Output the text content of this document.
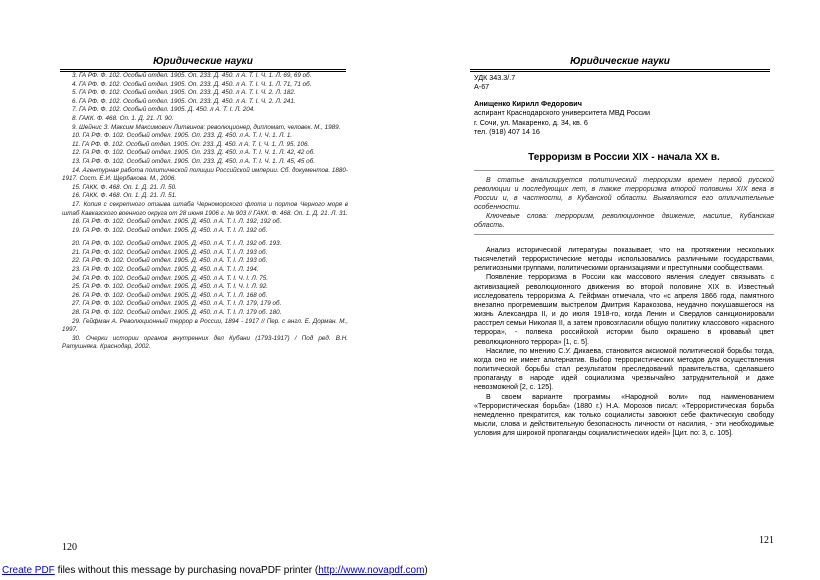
Юридические науки

3. ГА РФ. Ф. 102. Особый отдел. 1905. Оп. 233. Д. 450. л А. Т. I. Ч. 1. Л. 69, 69 об.

4. ГА РФ. Ф. 102. Особый отдел. 1905. Оп. 233. Д. 450. л А. Т. I. Ч. 1. Л. 71, 71 об.

5. ГА РФ. Ф. 102. Особый отдел. 1905. Оп. 233. Д. 450. л А. Т. I. Ч. 2. Л. 182.

6. ГА РФ. Ф. 102. Особый отдел. 1905. Оп. 233. Д. 450. л А. Т. I. Ч. 2. Л. 241.

7. ГА РФ. Ф. 102. Особый отдел. 1905. Д. 450. л А. Т. I. Л. 204.

8. ГАКК. Ф. 468. Оп. 1. Д. 21. Л. 90.

9. Шейнис З. Максим Максимович Литвинов: революционер, дипломат, человек. М., 1989.

10. ГА РФ. Ф. 102. Особый отдел. 1905. Оп. 233. Д. 450. л А. Т. I. Ч. 1. Л. 1.

11. ГА РФ. Ф. 102. Особый отдел. 1905. Оп. 233. Д. 450. л А. Т. I. Ч. 1. Л. 95, 106.

12. ГА РФ. Ф. 102. Особый отдел. 1905. Оп. 233. Д. 450. л А. Т. I. Ч. 1. Л. 42, 42 об.

13. ГА РФ. Ф. 102. Особый отдел. 1905. Оп. 233. Д. 450. л А. Т. I. Ч. 1. Л. 45, 45 об.

14. Агентурная работа политической полиции Российской империи. Сб. документов. 1880-1917. Сост. Е.И. Щербакова. М., 2006.

15. ГАКК. Ф. 468. Оп. 1. Д. 21. Л. 50.

16. ГАКК. Ф. 468. Оп. 1. Д. 21. Л. 51.

17. Копия с секретного отзыва штаба Черноморского флота и портов Черного моря в штаб Кавказского военного округа от 28 июня 1906 г. № 903 // ГАКК. Ф. 468. Оп. 1. Д. 21. Л. 31.

18. ГА РФ. Ф. 102. Особый отдел. 1905. Д. 450. л А. Т. I. Л. 192, 192 об.

19. ГА РФ. Ф. 102. Особый отдел. 1905. Д. 450. л А. Т. I. Л. 192 об.

20. ГА РФ. Ф. 102. Особый отдел. 1905. Д. 450. л А. Т. I. Л. 192 об. 193.

21. ГА РФ. Ф. 102. Особый отдел. 1905. Д. 450. л А. Т. I. Л. 193 об.

22. ГА РФ. Ф. 102. Особый отдел. 1905. Д. 450. л А. Т. I. Л. 193 об.

23. ГА РФ. Ф. 102. Особый отдел. 1905. Д. 450. л А. Т. I. Л. 194.

24. ГА РФ. Ф. 102. Особый отдел. 1905. Д. 450. л А. Т. I. Ч. I. Л. 75.

25. ГА РФ. Ф. 102. Особый отдел. 1905. Д. 450. л А. Т. I. Ч. I. Л. 92.

26. ГА РФ. Ф. 102. Особый отдел. 1905. Д. 450. л А. Т. I. Л. 168 об.

27. ГА РФ. Ф. 102. Особый отдел. 1905. Д. 450. л А. Т. I. Л. 179, 179 об.

28. ГА РФ. Ф. 102. Особый отдел. 1905. Д. 450. л А. Т. I. Л. 179 об. 180.

29. Гейфман А. Революционный террор в России, 1894 - 1917 // Пер. с англ. Е. Дорман. М., 1997.

30. Очерки истории органов внутренних дел Кубани (1793-1917) / Под ред. В.Н. Ратушняка. Краснодар, 2002.

120
Юридические науки
УДК 343.3/.7
А-67
Анищенко Кирилл Федорович
аспирант Краснодарского университета МВД России
г. Сочи, ул. Макаренко, д. 34, кв. 6
тел. (918) 407 14 16
Терроризм в России XIX - начала XX в.

В статье анализируется политический терроризм времен первой русской революции и последующих лет, в также терроризма второй половины XIX века в России и, в частности, в Кубанской области. Выявляются его отличительные особенности.

Ключевые слова: терроризм, революционное движение, насилие, Кубанская область.

Анализ исторической литературы показывает, что на протяжении нескольких тысячелетий террористические методы использовались различными государствами, религиозными группами, политическими организациями и преступными сообществами.

Появление терроризма в России как массового явления следует связывать с активизацией революционного движения во второй половине XIX в. Известный исследователь терроризма А. Гейфман отмечала, что «с апреля 1866 года, памятного внезапно прогремевшим выстрелом Дмитрия Каракозова, неудачно покушавшегося на жизнь Александра II, и до июля 1918-го, когда Ленин и Свердлов санкционировали расстрел семьи Николая II, а затем провозгласили общую политику классового «красного террора», - полвека российской истории было окрашено в кровавый цвет революционного террора» [1, с. 5].

Насилие, по мнению С.У. Дикаева, становится аксиомой политической борьбы тогда, когда оно не имеет альтернатив. Выбор террористических методов для осуществления политической борьбы стал результатом преследований правительства, сделавшего пропаганду в народе идей социализма чрезвычайно затруднительной и даже невозможной [2, с. 125].

В своем варианте программы «Народной воли» под наименованием «Террористическая борьба» (1880 г.) Н.А. Морозов писал: «Террористическая борьба немедленно прекратится, как только социалисты завоюют себе фактическую свободу мысли, слова и действительную безопасность личности от насилия, - эти необходимые условия для широкой пропаганды социалистических идей» [Цит. по: 3, с. 105].

121
Create PDF files without this message by purchasing novaPDF printer (http://www.novapdf.com)
